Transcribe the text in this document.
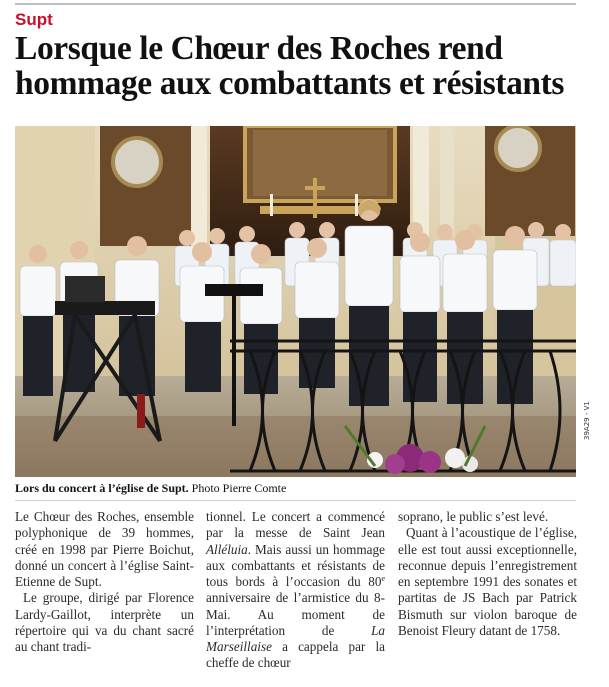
Supt
Lorsque le Chœur des Roches rend hommage aux combattants et résistants
39A29 - V1
Lors du concert à l’église de Supt. Photo Pierre Comte

Le Chœur des Roches, ensemble polyphonique de 39 hommes, créé en 1998 par Pierre Boichut, donné un concert à l’église Saint-Etienne de Supt.

Le groupe, dirigé par Florence Lardy-Gaillot, interprète un répertoire qui va du chant sacré au chant tradi-

tionnel. Le concert a commencé par la messe de Saint Jean Alléluia. Mais aussi un hommage aux combattants et résistants de tous bords à l’occasion du 80e anniversaire de l’armistice du 8-Mai. Au moment de l’interprétation de La Marseillaise a cappela par la cheffe de chœur

soprano, le public s’est levé.

Quant à l’acoustique de l’église, elle est tout aussi exceptionnelle, reconnue depuis l’enregistrement en septembre 1991 des sonates et partitas de JS Bach par Patrick Bismuth sur violon baroque de Benoist Fleury datant de 1758.
